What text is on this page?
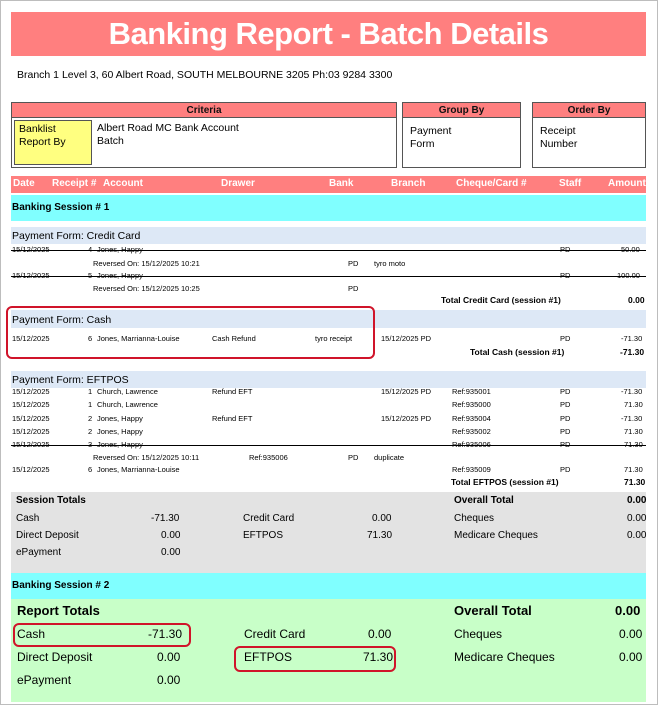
Banking Report - Batch Details
Branch 1 Level 3, 60 Albert Road, SOUTH MELBOURNE 3205 Ph:03 9284 3300
Criteria
Banklist
Report By
Albert Road MC Bank Account
Batch
Group By
Payment
Form
Order By
Receipt
Number
Date Receipt # Account	Drawer	Bank	Branch	Cheque/Card #	Staff	Amount
Banking Session # 1
Payment Form: Credit Card
15/12/2025	4 Jones, Happy	PD	50.00
Reversed On: 15/12/2025 10:21	PD tyro moto
15/12/2025	5 Jones, Happy	PD	100.00
Reversed On: 15/12/2025 10:25	PD
Total Credit Card (session #1)	0.00
Payment Form: Cash
15/12/2025	6 Jones, Marrianna-Louise	Cash Refund	tyro receipt	15/12/2025 PD	PD	-71.30
Total Cash (session #1)	-71.30
Payment Form: EFTPOS
15/12/2025	1 Church, Lawrence	Refund EFT	15/12/2025 PD	Ref:935001	PD	-71.30
15/12/2025	1 Church, Lawrence	Ref:935000	PD	71.30
15/12/2025	2 Jones, Happy	Refund EFT	15/12/2025 PD	Ref:935004	PD	-71.30
15/12/2025	2 Jones, Happy	Ref:935002	PD	71.30
15/12/2025	3 Jones, Happy	Ref:935006	PD	71.30
Reversed On: 15/12/2025 10:11	Ref:935006	PD duplicate
15/12/2025	6 Jones, Marrianna-Louise	Ref:935009	PD	71.30
Total EFTPOS (session #1)	71.30
Session Totals
Cash	-71.30
Direct Deposit	0.00
ePayment	0.00
Credit Card	0.00
EFTPOS	71.30
Overall Total	0.00
Cheques	0.00
Medicare Cheques	0.00
Banking Session # 2
Report Totals
Cash	-71.30
Direct Deposit	0.00
ePayment	0.00
Credit Card	0.00
EFTPOS	71.30
Overall Total	0.00
Cheques	0.00
Medicare Cheques	0.00
